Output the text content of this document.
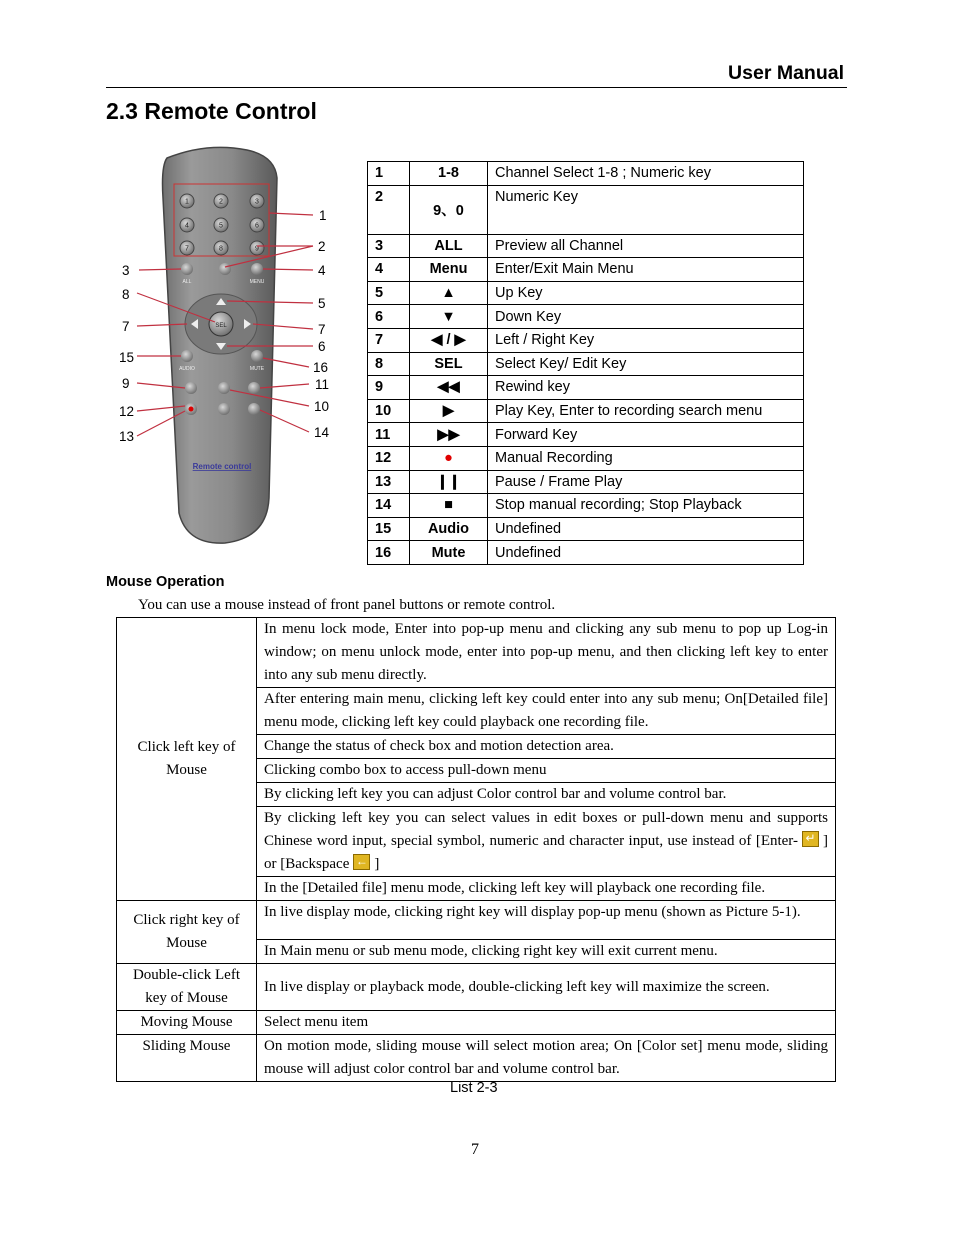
User Manual
2.3 Remote Control
1	2	3
4	5	6
7	8	9
SEL
ALL	MENU
AUDIO	MUTE
Remote control
1
2
3	4
5
7
6
16
11
10
14
8
7
15
9
12
13
1	1-8	Channel Select 1-8 ; Numeric key
2	9、0	Numeric Key
3	ALL	Preview all Channel
4	Menu	Enter/Exit Main Menu
5	▲	Up Key
6	▼	Down Key
7	◀ / ▶	Left / Right Key
8	SEL	Select Key/ Edit Key
9	◀◀	Rewind key
10	▶	Play Key, Enter to recording search menu
11	▶▶	Forward Key
12	●	Manual Recording
13	❙❙	Pause / Frame Play
14	■	Stop manual recording; Stop Playback
15	Audio	Undefined
16	Mute	Undefined
Mouse Operation
You can use a mouse instead of front panel buttons or remote control.
Click left key of Mouse	In menu lock mode, Enter into pop-up menu and clicking any sub menu to pop up Log-in window; on menu unlock mode, enter into pop-up menu, and then clicking left key to enter into any sub menu directly.
	After entering main menu, clicking left key could enter into any sub menu; On[Detailed file] menu mode, clicking left key could playback one recording file.
	Change the status of check box and motion detection area.
	Clicking combo box to access pull-down menu
	By clicking left key you can adjust Color control bar and volume control bar.
	By clicking left key you can select values in edit boxes or pull-down menu and supports Chinese word input, special symbol, numeric and character input, use instead of [Enter- ↵ ] or [Backspace ← ]
	In the [Detailed file] menu mode, clicking left key will playback one recording file.
Click right key of Mouse	In live display mode, clicking right key will display pop-up menu (shown as Picture 5-1).
	In Main menu or sub menu mode, clicking right key will exit current menu.
Double-click Left key of Mouse	In live display or playback mode, double-clicking left key will maximize the screen.
Moving Mouse	Select menu item
Sliding Mouse	On motion mode, sliding mouse will select motion area; On [Color set] menu mode, sliding mouse will adjust color control bar and volume control bar.
List 2-3
7
